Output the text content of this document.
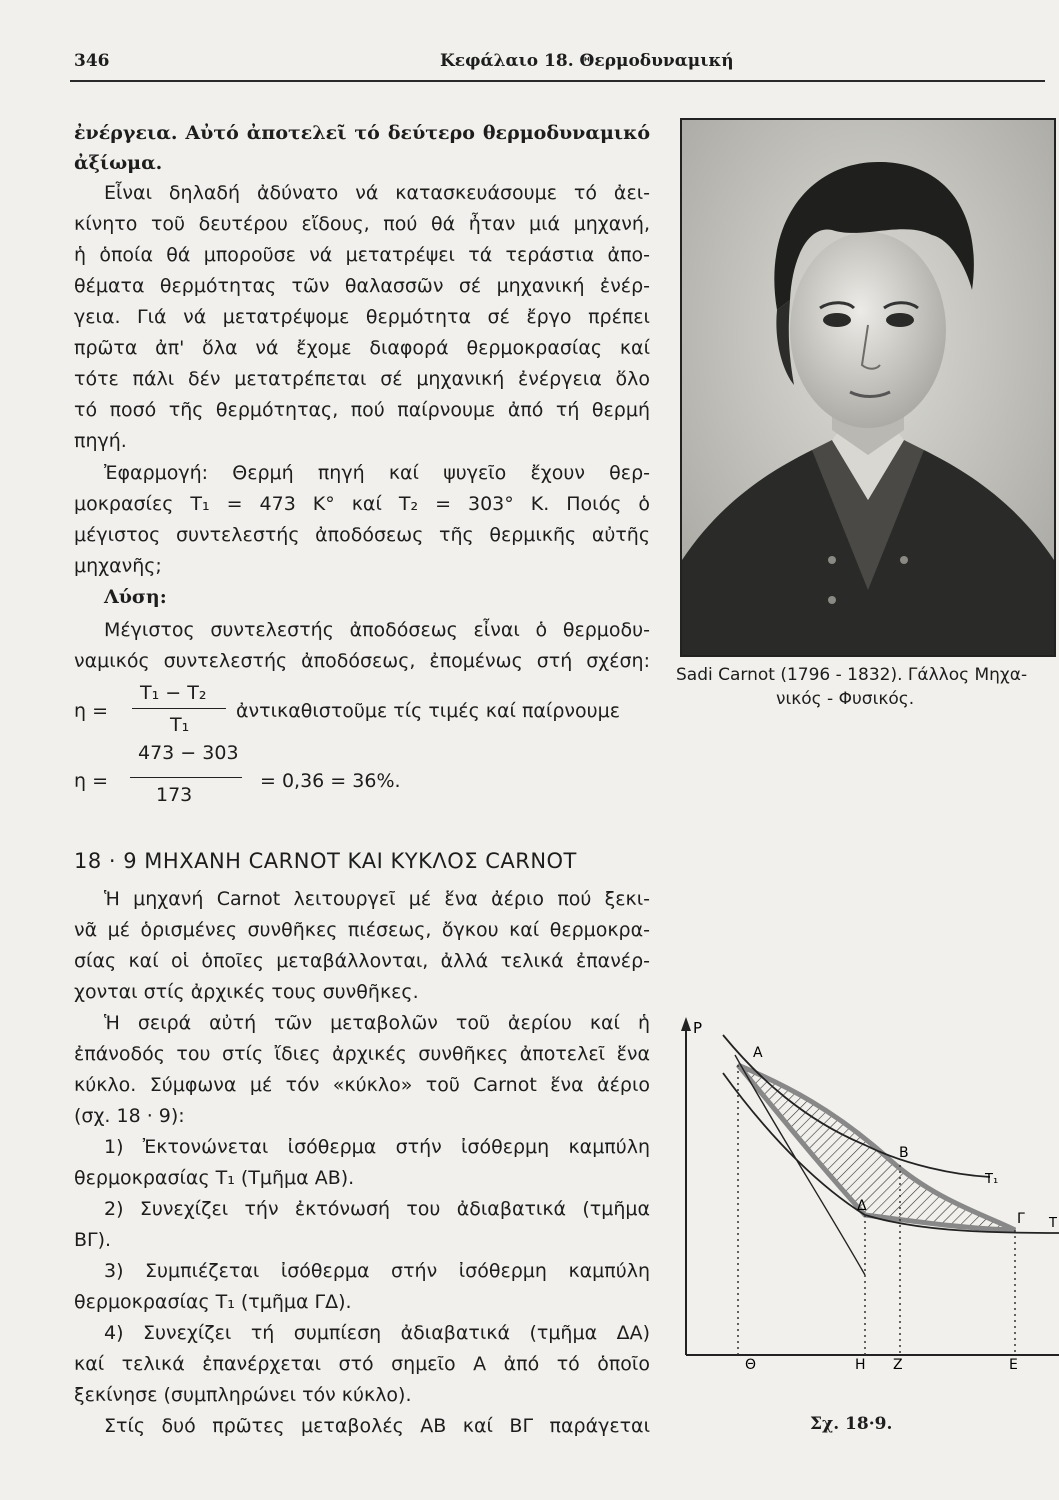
346	Κεφάλαιο 18. Θερμοδυναμική
ἐνέργεια. Αὐτό ἀποτελεῖ τό δεύτερο θερμοδυναμικό
ἀξίωμα.
Εἶναι δηλαδή ἀδύνατο νά κατασκευάσουμε τό ἀει-
κίνητο τοῦ δευτέρου εἴδους, πού θά ἦταν μιά μηχανή,
ἡ ὁποία θά μποροῦσε νά μετατρέψει τά τεράστια ἀπο-
θέματα θερμότητας τῶν θαλασσῶν σέ μηχανική ἐνέρ-
γεια. Γιά νά μετατρέψομε θερμότητα σέ ἔργο πρέπει
πρῶτα ἀπ' ὅλα νά ἔχομε διαφορά θερμοκρασίας καί
τότε πάλι δέν μετατρέπεται σέ μηχανική ἐνέργεια ὅλο
τό ποσό τῆς θερμότητας, πού παίρνουμε ἀπό τή θερμή
πηγή.
Ἐφαρμογή: Θερμή πηγή καί ψυγεῖο ἔχουν θερ-
μοκρασίες T₁ = 473 K° καί T₂ = 303° K. Ποιός ὁ
μέγιστος συντελεστής ἀποδόσεως τῆς θερμικῆς αὐτῆς
μηχανῆς;
Λύση:
Μέγιστος συντελεστής ἀποδόσεως εἶναι ὁ θερμοδυ-
ναμικός συντελεστής ἀποδόσεως, ἐπομένως στή σχέση:
η =
T₁ − T₂
T₁
ἀντικαθιστοῦμε τίς τιμές καί παίρνουμε
η =
473 − 303
173
= 0,36 = 36%.
18 · 9 ΜΗΧΑΝΗ CARNOT ΚΑΙ ΚΥΚΛΟΣ CARNOT
Ἡ μηχανή Carnot λειτουργεῖ μέ ἕνα ἀέριο πού ξεκι-
νᾶ μέ ὁρισμένες συνθῆκες πιέσεως, ὄγκου καί θερμοκρα-
σίας καί οἱ ὁποῖες μεταβάλλονται, ἀλλά τελικά ἐπανέρ-
χονται στίς ἀρχικές τους συνθῆκες.
Ἡ σειρά αὐτή τῶν μεταβολῶν τοῦ ἀερίου καί ἡ
ἐπάνοδός του στίς ἴδιες ἀρχικές συνθῆκες ἀποτελεῖ ἕνα
κύκλο. Σύμφωνα μέ τόν «κύκλο» τοῦ Carnot ἕνα ἀέριο
(σχ. 18 · 9):
1) Ἐκτονώνεται ἰσόθερμα στήν ἰσόθερμη καμπύλη
θερμοκρασίας T₁ (Τμῆμα ΑΒ).
2) Συνεχίζει τήν ἐκτόνωσή του ἀδιαβατικά (τμῆμα
ΒΓ).
3) Συμπιέζεται ἰσόθερμα στήν ἰσόθερμη καμπύλη
θερμοκρασίας T₁ (τμῆμα ΓΔ).
4) Συνεχίζει τή συμπίεση ἀδιαβατικά (τμῆμα ΔΑ)
καί τελικά ἐπανέρχεται στό σημεῖο Α ἀπό τό ὁποῖο
ξεκίνησε (συμπληρώνει τόν κύκλο).
Στίς δυό πρῶτες μεταβολές ΑΒ καί ΒΓ παράγεται
Sadi Carnot (1796 - 1832). Γάλλος Μηχα-
νικός - Φυσικός.
P
A
B
Γ
Δ
T₁
T
Θ	H Z	E
Σχ. 18·9.
